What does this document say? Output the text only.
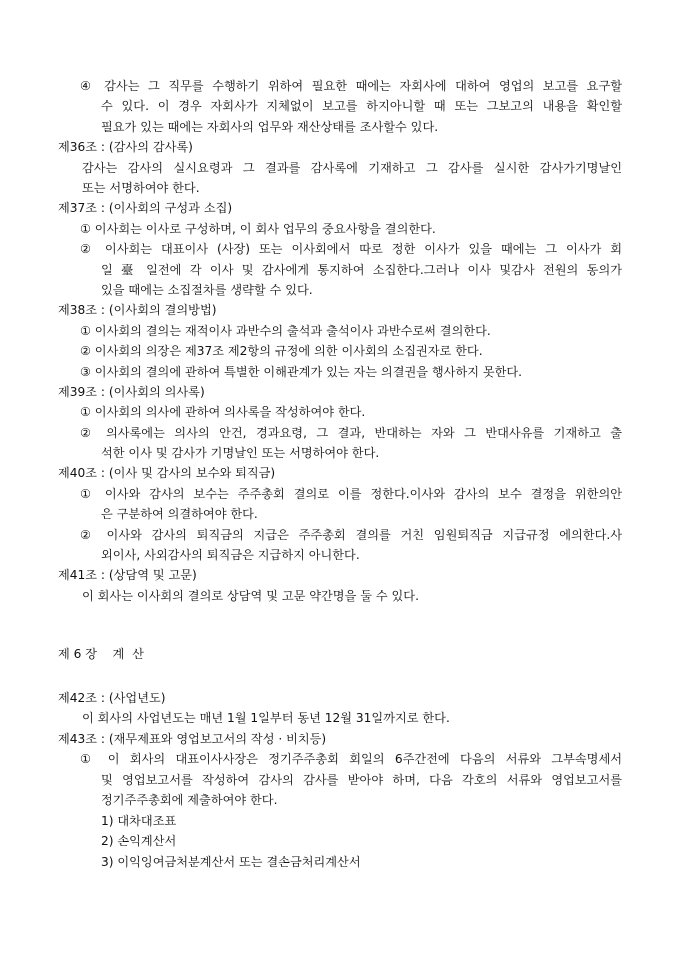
④ 감사는 그 직무를 수행하기 위하여 필요한 때에는 자회사에 대하여 영업의 보고를 요구할
수 있다. 이 경우 자회사가 지체없이 보고를 하지아니할 때 또는 그보고의 내용을 확인할
필요가 있는 때에는 자회사의 업무와 재산상태를 조사할수 있다.
제36조 : (감사의 감사록)
감사는 감사의 실시요령과 그 결과를 감사록에 기재하고 그 감사를 실시한 감사가기명날인
또는 서명하여야 한다.
제37조 : (이사회의 구성과 소집)
① 이사회는 이사로 구성하며, 이 회사 업무의 중요사항을 결의한다.
② 이사회는 대표이사 (사장) 또는 이사회에서 따로 정한 이사가 있을 때에는 그 이사가 회
일 臺 일전에 각 이사 및 감사에게 통지하여 소집한다.그러나 이사 및감사 전원의 동의가
있을 때에는 소집절차를 생략할 수 있다.
제38조 : (이사회의 결의방법)
① 이사회의 결의는 재적이사 과반수의 출석과 출석이사 과반수로써 결의한다.
② 이사회의 의장은 제37조 제2항의 규정에 의한 이사회의 소집권자로 한다.
③ 이사회의 결의에 관하여 특별한 이해관계가 있는 자는 의결권을 행사하지 못한다.
제39조 : (이사회의 의사록)
① 이사회의 의사에 관하여 의사록을 작성하여야 한다.
② 의사록에는 의사의 안건, 경과요령, 그 결과, 반대하는 자와 그 반대사유를 기재하고 출
석한 이사 및 감사가 기명날인 또는 서명하여야 한다.
제40조 : (이사 및 감사의 보수와 퇴직금)
① 이사와 감사의 보수는 주주총회 결의로 이를 정한다.이사와 감사의 보수 결정을 위한의안
은 구분하여 의결하여야 한다.
② 이사와 감사의 퇴직금의 지급은 주주총회 결의를 거친 임원퇴직금 지급규정 에의한다.사
외이사, 사외감사의 퇴직금은 지급하지 아니한다.
제41조 : (상담역 및 고문)
이 회사는 이사회의 결의로 상담역 및 고문 약간명을 둘 수 있다.
제 6 장    계  산
제42조 : (사업년도)
이 회사의 사업년도는 매년 1월 1일부터 동년 12월 31일까지로 한다.
제43조 : (재무제표와 영업보고서의 작성 · 비치등)
① 이 회사의 대표이사사장은 정기주주총회 회일의 6주간전에 다음의 서류와 그부속명세서
및 영업보고서를 작성하여 감사의 감사를 받아야 하며, 다음 각호의 서류와 영업보고서를
정기주주총회에 제출하여야 한다.
1) 대차대조표
2) 손익계산서
3) 이익잉여금처분계산서 또는 결손금처리계산서
